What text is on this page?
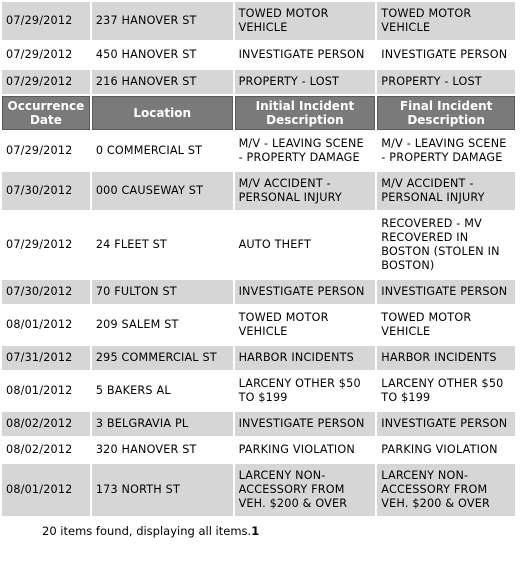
07/29/2012	237 HANOVER ST	TOWED MOTOR VEHICLE	TOWED MOTOR VEHICLE
07/29/2012	450 HANOVER ST	INVESTIGATE PERSON	INVESTIGATE PERSON
07/29/2012	216 HANOVER ST	PROPERTY - LOST	PROPERTY - LOST
Occurrence Date	Location	Initial Incident Description	Final Incident Description
07/29/2012	0 COMMERCIAL ST	M/V - LEAVING SCENE - PROPERTY DAMAGE	M/V - LEAVING SCENE - PROPERTY DAMAGE
07/30/2012	000 CAUSEWAY ST	M/V ACCIDENT - PERSONAL INJURY	M/V ACCIDENT - PERSONAL INJURY
07/29/2012	24 FLEET ST	AUTO THEFT	RECOVERED - MV RECOVERED IN BOSTON (STOLEN IN BOSTON)
07/30/2012	70 FULTON ST	INVESTIGATE PERSON	INVESTIGATE PERSON
08/01/2012	209 SALEM ST	TOWED MOTOR VEHICLE	TOWED MOTOR VEHICLE
07/31/2012	295 COMMERCIAL ST	HARBOR INCIDENTS	HARBOR INCIDENTS
08/01/2012	5 BAKERS AL	LARCENY OTHER $50 TO $199	LARCENY OTHER $50 TO $199
08/02/2012	3 BELGRAVIA PL	INVESTIGATE PERSON	INVESTIGATE PERSON
08/02/2012	320 HANOVER ST	PARKING VIOLATION	PARKING VIOLATION
08/01/2012	173 NORTH ST	LARCENY NON-ACCESSORY FROM VEH. $200 & OVER	LARCENY NON-ACCESSORY FROM VEH. $200 & OVER
20 items found, displaying all items.1
